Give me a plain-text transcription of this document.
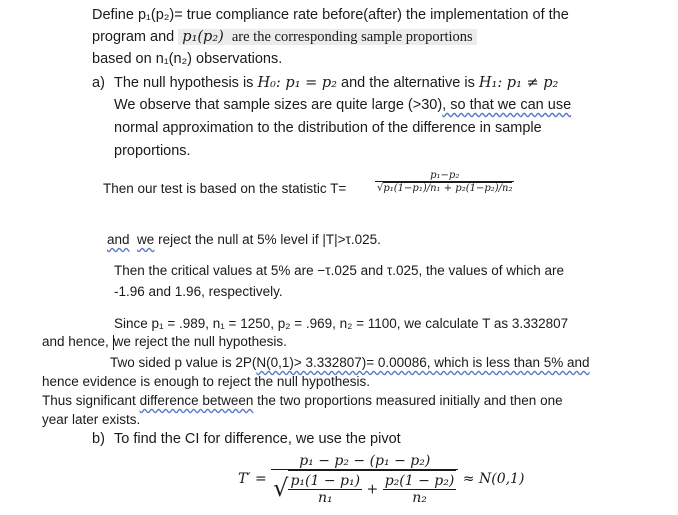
Define p₁(p₂)= true compliance rate before(after) the implementation of the
program and p₁(p₂) are the corresponding sample proportions
based on n₁(n₂) observations.
a) The null hypothesis is H₀: p₁ = p₂ and the alternative is H₁: p₁ ≠ p₂
We observe that sample sizes are quite large (>30), so that we can use
normal approximation to the distribution of the difference in sample
proportions.
Then our test is based on the statistic T=	$\frac{\text{p₁−p₂}}{\text{√p₁(1−p₁)/n₁ + p₂(1−p₂)/n₂}}$
and we reject the null at 5% level if |T|>τ.025.
Then the critical values at 5% are −τ.025 and τ.025, the values of which are
-1.96 and 1.96, respectively.
Since p₁ = .989, n₁ = 1250, p₂ = .969, n₂ = 1100, we calculate T as 3.332807
and hence, we reject the null hypothesis.
Two sided p value is 2P(N(0,1)> 3.332807)= 0.00086, which is less than 5% and
hence evidence is enough to reject the null hypothesis.
Thus significant difference between the two proportions measured initially and then one
year later exists.
b) To find the CI for difference, we use the pivot
T′ =

p₁ − p₂ − (p₁ − p₂)
√ $\frac{\text{p₁(1 − p₁)}}{\text{n₁}} + \frac{\text{p₂(1 − p₂)}}{\text{n₂}}$
≈ N(0,1)
